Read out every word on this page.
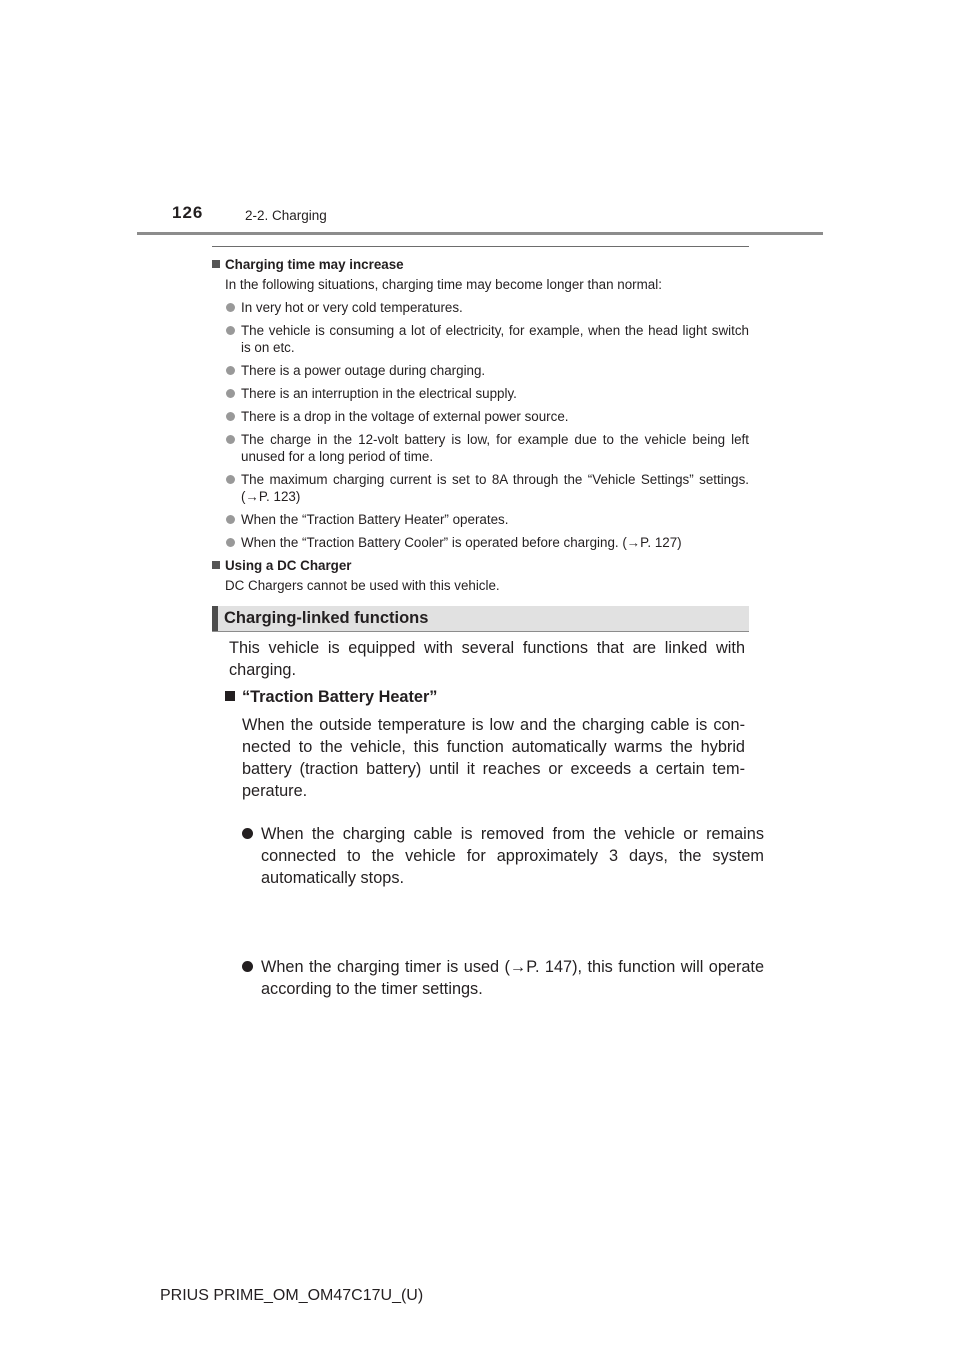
126	2-2. Charging

Charging time may increase

In the following situations, charging time may become longer than normal:

In very hot or very cold temperatures.

The vehicle is consuming a lot of electricity, for example, when the head light switch is on etc.

There is a power outage during charging.

There is an interruption in the electrical supply.

There is a drop in the voltage of external power source.

The charge in the 12-volt battery is low, for example due to the vehicle being left unused for a long period of time.

The maximum charging current is set to 8A through the “Vehicle Settings” settings. (→P. 123)

When the “Traction Battery Heater” operates.

When the “Traction Battery Cooler” is operated before charging. (→P. 127)

Using a DC Charger

DC Chargers cannot be used with this vehicle.

Charging-linked functions
This vehicle is equipped with several functions that are linked with charging.
“Traction Battery Heater”
When the outside temperature is low and the charging cable is con- nected to the vehicle, this function automatically warms the hybrid battery (traction battery) until it reaches or exceeds a certain tem- perature.
When the charging cable is removed from the vehicle or remains connected to the vehicle for approximately 3 days, the system automatically stops.
When the charging timer is used (→P. 147), this function will operate according to the timer settings.
PRIUS PRIME_OM_OM47C17U_(U)
